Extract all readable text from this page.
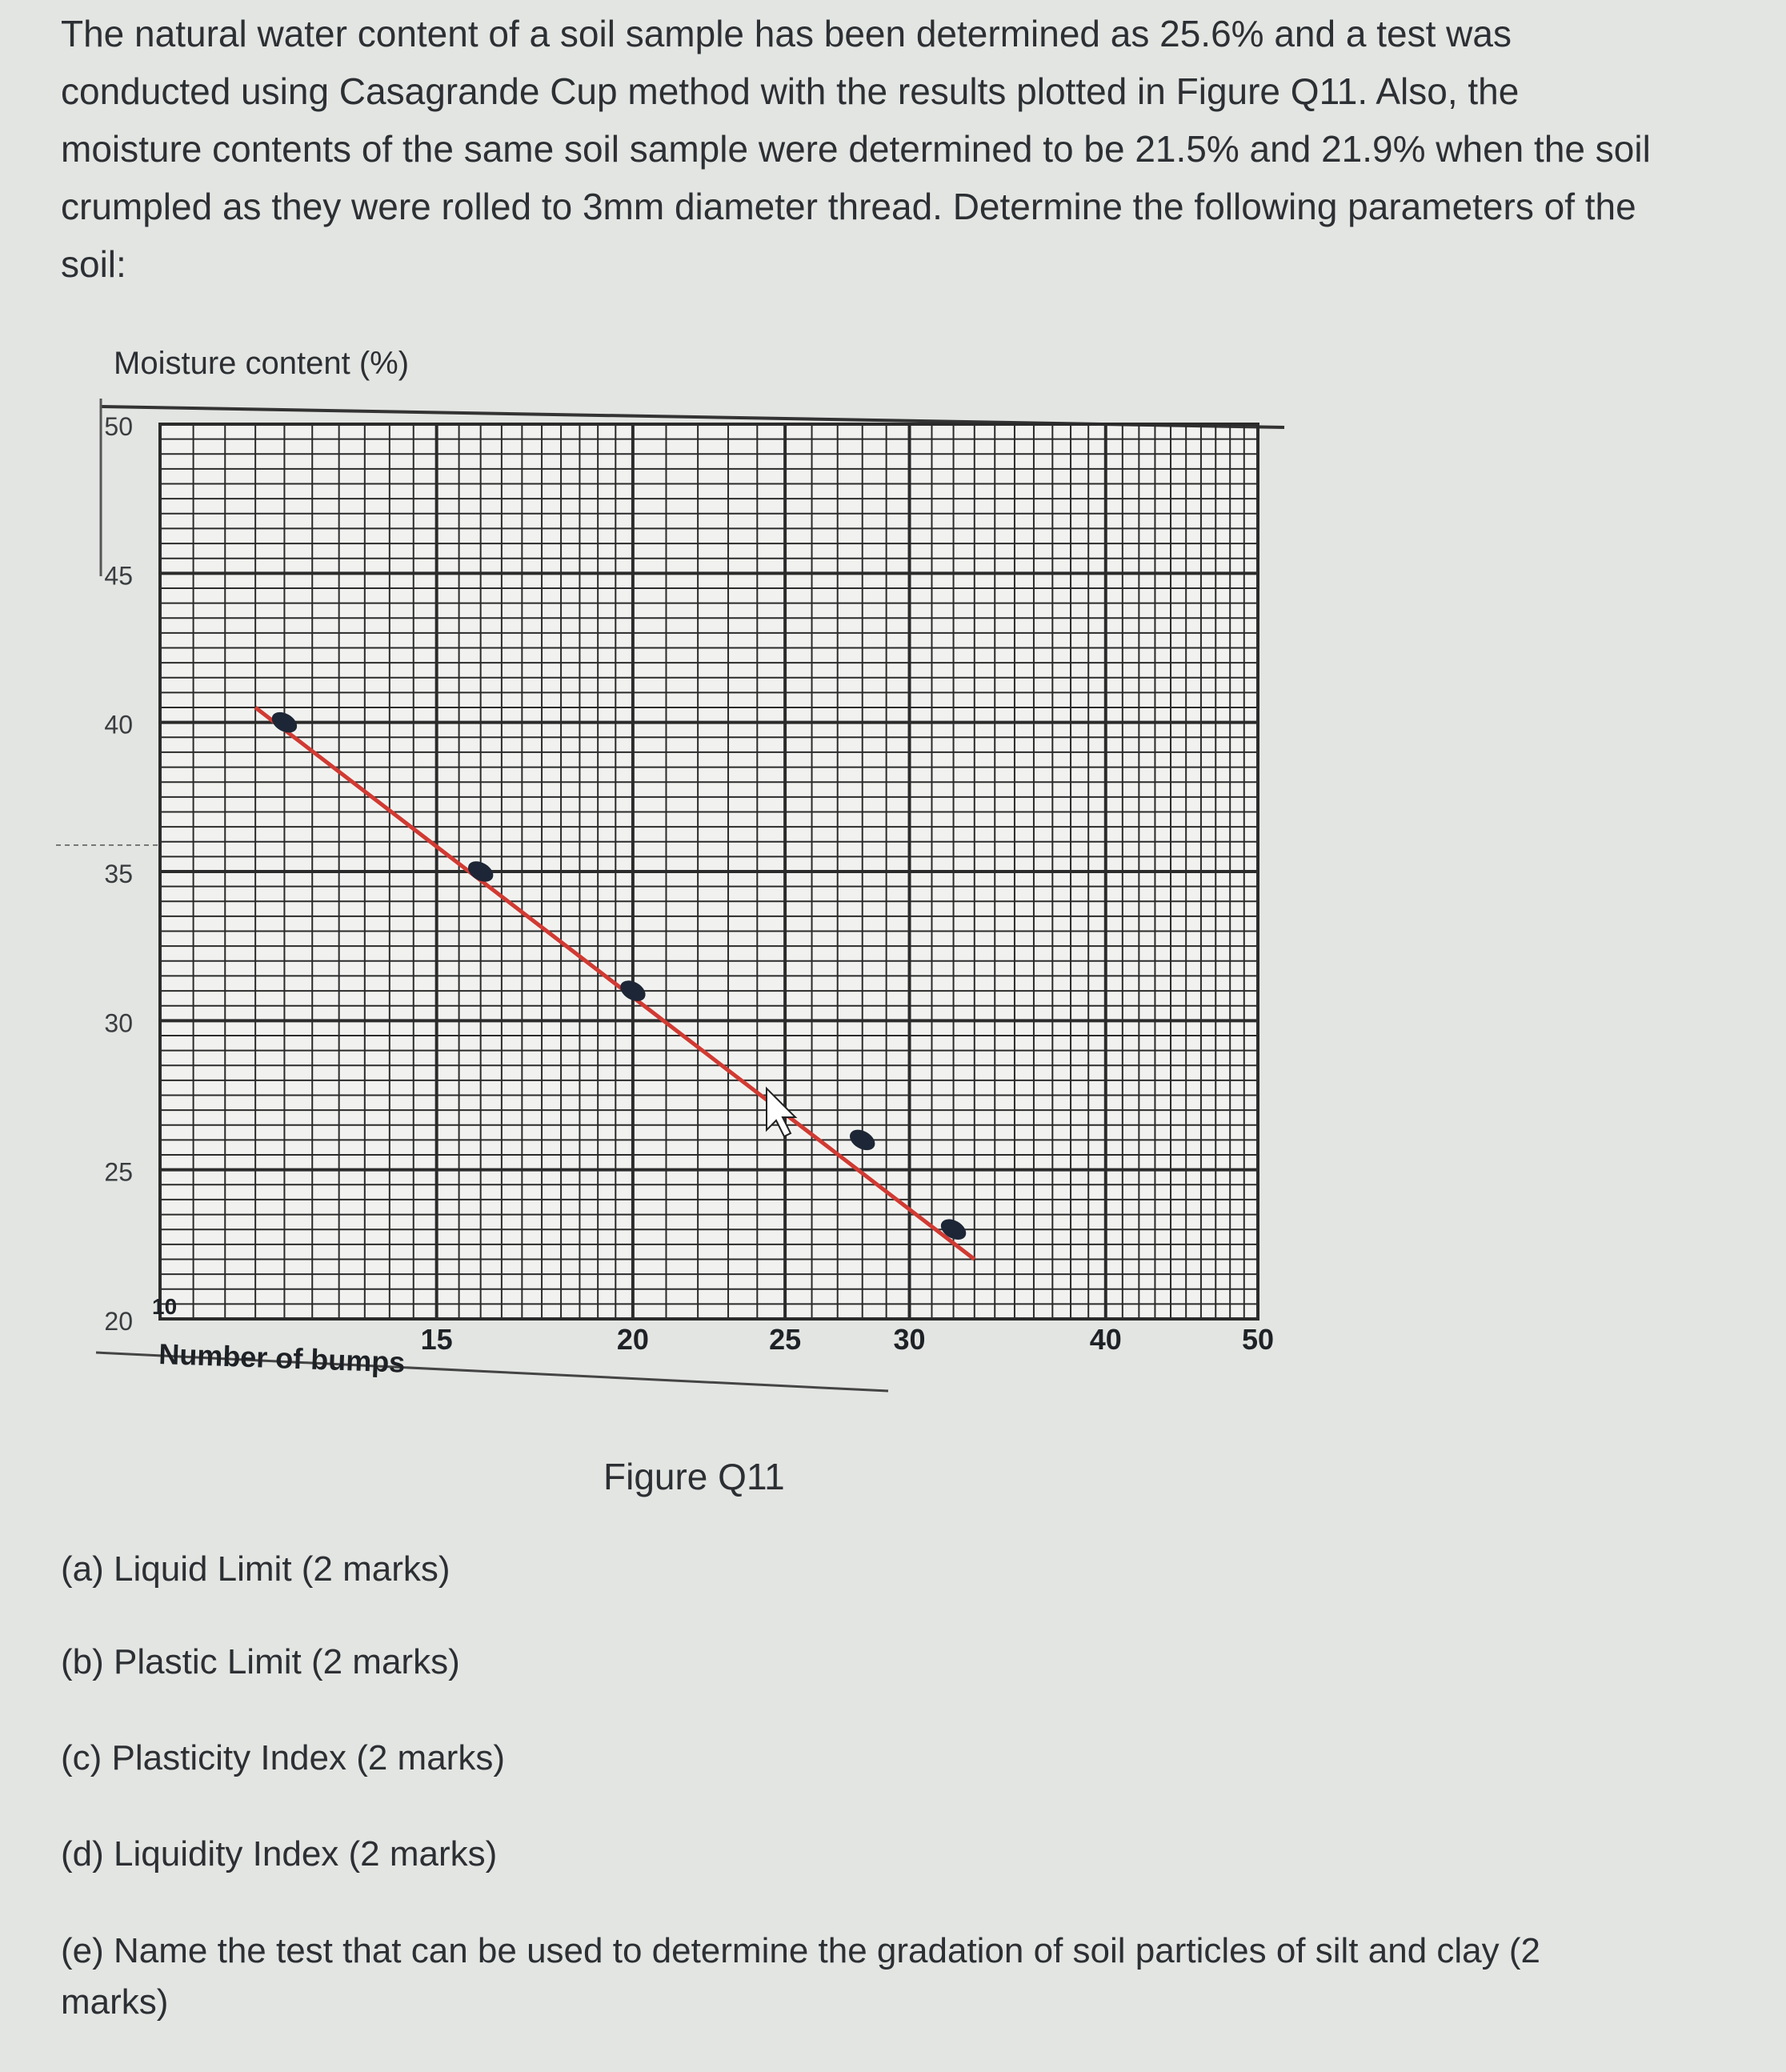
The natural water content of a soil sample has been determined as 25.6% and a test was conducted using Casagrande Cup method with the results plotted in Figure Q11. Also, the moisture contents of the same soil sample were determined to be 21.5% and 21.9% when the soil crumpled as they were rolled to 3mm diameter thread. Determine the following parameters of the soil:

Moisture content (%)
20
25
30
35
40
45
50
10
15	20	25	30	40	50
Number of bumps
Figure Q11

(a) Liquid Limit (2 marks)

(b) Plastic Limit (2 marks)

(c) Plasticity Index (2 marks)

(d) Liquidity Index (2 marks)

(e) Name the test that can be used to determine the gradation of soil particles of silt and clay (2 marks)
